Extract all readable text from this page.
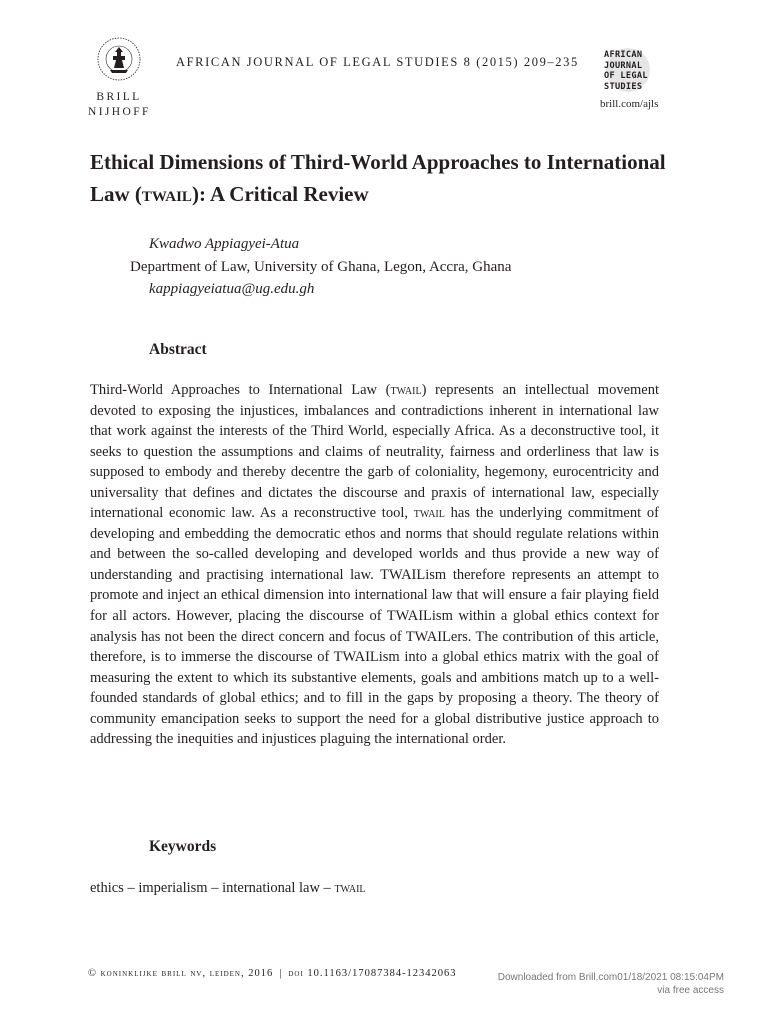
BRILL
NIJHOFF
AFRICAN JOURNAL OF LEGAL STUDIES 8 (2015) 209–235	AFRICAN
JOURNAL
OF LEGAL
STUDIES
brill.com/ajls
Ethical Dimensions of Third-World Approaches to International Law (twail): A Critical Review
Kwadwo Appiagyei-Atua
Department of Law, University of Ghana, Legon, Accra, Ghana
kappiagyeiatua@ug.edu.gh
Abstract

Third-World Approaches to International Law (twail) represents an intellectual movement devoted to exposing the injustices, imbalances and contradictions inherent in international law that work against the interests of the Third World, especially Africa. As a deconstructive tool, it seeks to question the assumptions and claims of neutrality, fairness and orderliness that law is supposed to embody and thereby decentre the garb of coloniality, hegemony, eurocentricity and universality that defines and dictates the discourse and praxis of international law, especially international economic law. As a reconstructive tool, twail has the underlying commitment of developing and embedding the democratic ethos and norms that should regulate relations within and between the so-called developing and developed worlds and thus provide a new way of understanding and practising international law. TWAILism therefore represents an attempt to promote and inject an ethical dimension into international law that will ensure a fair playing field for all actors. However, placing the discourse of TWAILism within a global ethics context for analysis has not been the direct concern and focus of TWAILers. The contribution of this article, therefore, is to immerse the discourse of TWAILism into a global ethics matrix with the goal of measuring the extent to which its substantive elements, goals and ambitions match up to a well-founded standards of global ethics; and to fill in the gaps by proposing a theory. The theory of community emancipation seeks to support the need for a global distributive justice approach to addressing the inequities and injustices plaguing the international order.

Keywords
ethics – imperialism – international law – twail
© koninklijke brill nv, leiden, 2016 | doi 10.1163/17087384-12342063	Downloaded from Brill.com01/18/2021 08:15:04PM
via free access
